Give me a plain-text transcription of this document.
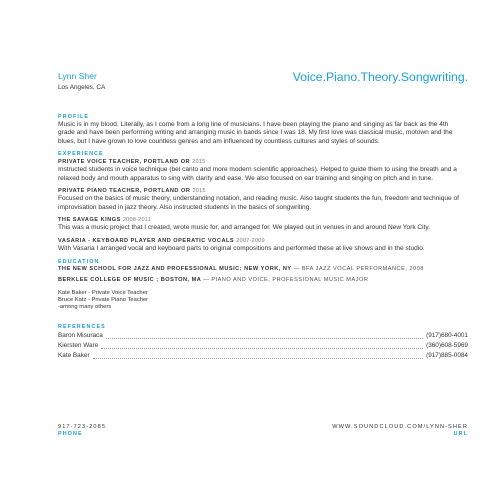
Lynn Sher
Los Angeles, CA
Voice.Piano.Theory.Songwriting.
PROFILE

Music is in my blood. Literally, as I come from a long line of musicians. I have been playing the piano and singing as far back as the 4th grade and have been performing writing and arranging music in bands since I was 18. My first love was classical music, motown and the blues, but I have grown to love countless genres and am influenced by countless cultures and styles of sounds.

EXPERIENCE
PRIVATE VOICE TEACHER, PORTLAND OR 2015

Instructed students in voice technique (bel canto and more modern scientific approaches). Helped to guide them to using the breath and a relaxed body and mouth apparatus to sing with clarity and ease. We also focused on ear training and singing on pitch and in tune.

PRIVATE PIANO TEACHER, PORTLAND OR 2015

Focused on the basics of music theory, understanding notation, and reading music. Also taught students the fun, freedom and technique of improvisation based in jazz theory. Also instructed students in the basics of songwriting.

THE SAVAGE KINGS 2008-2011

This was a music project that I created, wrote music for, and arranged for. We played out in venues in and around New York City.

VASARIA - KEYBOARD PLAYER AND OPERATIC VOCALS 2007-2009

With Vasaria I arranged vocal and keyboard parts to original compositions and performed these at live shows and in the studio.

EDUCATION
THE NEW SCHOOL FOR JAZZ AND PROFESSIONAL MUSIC; NEW YORK, NY — BFA JAZZ VOCAL PERFORMANCE, 2008
BERKLEE COLLEGE OF MUSIC ; BOSTON, MA — PIANO AND VOICE, PROFESSIONAL MUSIC MAJOR

Kate Baker - Private Voice Teacher

Bruce Katz - Private Piano Teacher

-among many others

REFERENCES
Baron Misuraca	(917)680-4001
Kiersten Ware	(360)608-5969
Kate Baker	(917)885-0084
917-723-2085
PHONE
WWW.SOUNDCLOUD.COM/LYNN-SHER
URL
